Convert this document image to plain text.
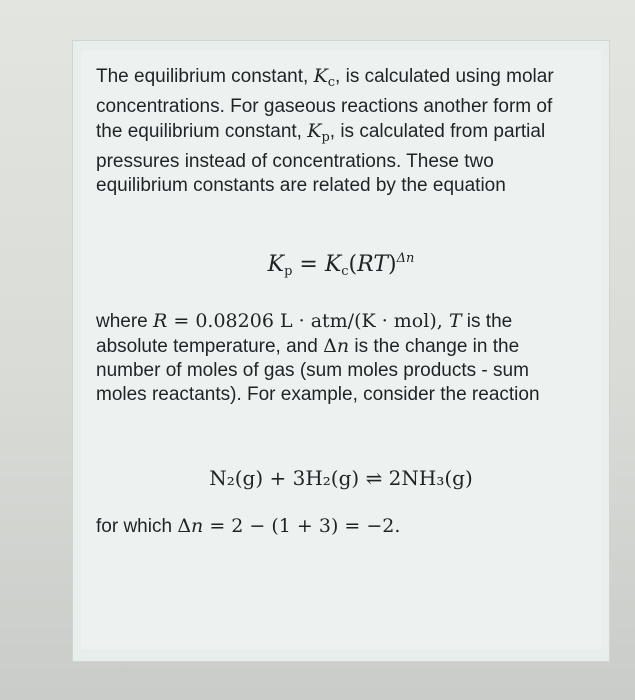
The equilibrium constant, $K_c$, is calculated using molar concentrations. For gaseous reactions another form of the equilibrium constant, $K_p$, is calculated from partial pressures instead of concentrations. These two equilibrium constants are related by the equation

$K_p = K_c(RT)^{\Delta n}$

where R = 0.08206 L · atm/(K · mol), T is the absolute temperature, and Δn is the change in the number of moles of gas (sum moles products - sum moles reactants). For example, consider the reaction

N₂(g) + 3H₂(g) ⇌ 2NH₃(g)

for which Δn = 2 − (1 + 3) = −2.
